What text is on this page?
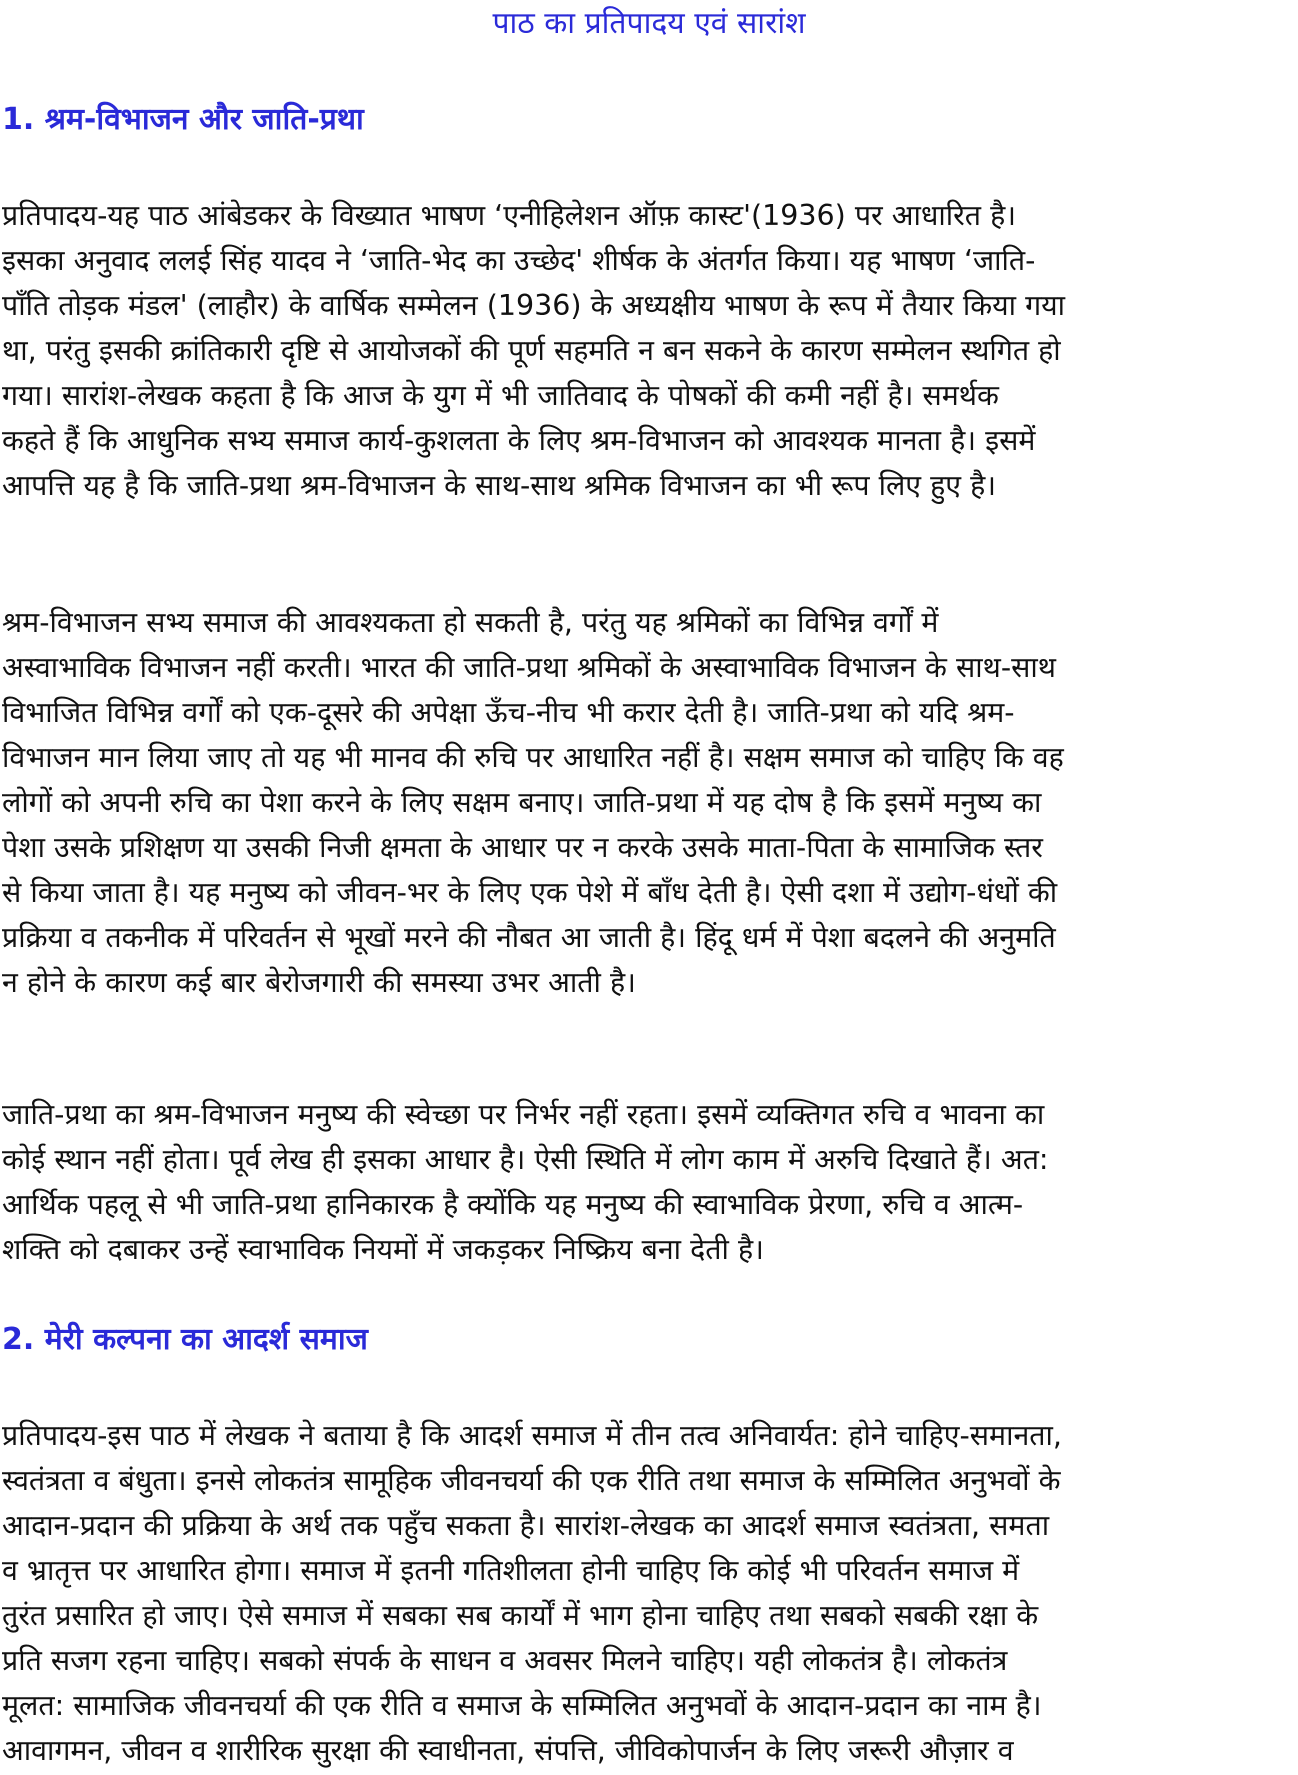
पाठ का प्रतिपादय एवं सारांश
1. श्रम-विभाजन और जाति-प्रथा
प्रतिपादय-यह पाठ आंबेडकर के विख्यात भाषण ‘एनीहिलेशन ऑफ़ कास्ट'(1936) पर आधारित है।
इसका अनुवाद ललई सिंह यादव ने ‘जाति-भेद का उच्छेद' शीर्षक के अंतर्गत किया। यह भाषण ‘जाति-
पाँति तोड़क मंडल' (लाहौर) के वार्षिक सम्मेलन (1936) के अध्यक्षीय भाषण के रूप में तैयार किया गया
था, परंतु इसकी क्रांतिकारी दृष्टि से आयोजकों की पूर्ण सहमति न बन सकने के कारण सम्मेलन स्थगित हो
गया। सारांश-लेखक कहता है कि आज के युग में भी जातिवाद के पोषकों की कमी नहीं है। समर्थक
कहते हैं कि आधुनिक सभ्य समाज कार्य-कुशलता के लिए श्रम-विभाजन को आवश्यक मानता है। इसमें
आपत्ति यह है कि जाति-प्रथा श्रम-विभाजन के साथ-साथ श्रमिक विभाजन का भी रूप लिए हुए है।
श्रम-विभाजन सभ्य समाज की आवश्यकता हो सकती है, परंतु यह श्रमिकों का विभिन्न वर्गों में
अस्वाभाविक विभाजन नहीं करती। भारत की जाति-प्रथा श्रमिकों के अस्वाभाविक विभाजन के साथ-साथ
विभाजित विभिन्न वर्गों को एक-दूसरे की अपेक्षा ऊँच-नीच भी करार देती है। जाति-प्रथा को यदि श्रम-
विभाजन मान लिया जाए तो यह भी मानव की रुचि पर आधारित नहीं है। सक्षम समाज को चाहिए कि वह
लोगों को अपनी रुचि का पेशा करने के लिए सक्षम बनाए। जाति-प्रथा में यह दोष है कि इसमें मनुष्य का
पेशा उसके प्रशिक्षण या उसकी निजी क्षमता के आधार पर न करके उसके माता-पिता के सामाजिक स्तर
से किया जाता है। यह मनुष्य को जीवन-भर के लिए एक पेशे में बाँध देती है। ऐसी दशा में उद्योग-धंधों की
प्रक्रिया व तकनीक में परिवर्तन से भूखों मरने की नौबत आ जाती है। हिंदू धर्म में पेशा बदलने की अनुमति
न होने के कारण कई बार बेरोजगारी की समस्या उभर आती है।
जाति-प्रथा का श्रम-विभाजन मनुष्य की स्वेच्छा पर निर्भर नहीं रहता। इसमें व्यक्तिगत रुचि व भावना का
कोई स्थान नहीं होता। पूर्व लेख ही इसका आधार है। ऐसी स्थिति में लोग काम में अरुचि दिखाते हैं। अत:
आर्थिक पहलू से भी जाति-प्रथा हानिकारक है क्योंकि यह मनुष्य की स्वाभाविक प्रेरणा, रुचि व आत्म-
शक्ति को दबाकर उन्हें स्वाभाविक नियमों में जकड़कर निष्क्रिय बना देती है।
2. मेरी कल्पना का आदर्श समाज
प्रतिपादय-इस पाठ में लेखक ने बताया है कि आदर्श समाज में तीन तत्व अनिवार्यत: होने चाहिए-समानता,
स्वतंत्रता व बंधुता। इनसे लोकतंत्र सामूहिक जीवनचर्या की एक रीति तथा समाज के सम्मिलित अनुभवों के
आदान-प्रदान की प्रक्रिया के अर्थ तक पहुँच सकता है। सारांश-लेखक का आदर्श समाज स्वतंत्रता, समता
व भ्रातृत्त पर आधारित होगा। समाज में इतनी गतिशीलता होनी चाहिए कि कोई भी परिवर्तन समाज में
तुरंत प्रसारित हो जाए। ऐसे समाज में सबका सब कार्यों में भाग होना चाहिए तथा सबको सबकी रक्षा के
प्रति सजग रहना चाहिए। सबको संपर्क के साधन व अवसर मिलने चाहिए। यही लोकतंत्र है। लोकतंत्र
मूलत: सामाजिक जीवनचर्या की एक रीति व समाज के सम्मिलित अनुभवों के आदान-प्रदान का नाम है।
आवागमन, जीवन व शारीरिक सुरक्षा की स्वाधीनता, संपत्ति, जीविकोपार्जन के लिए जरूरी औज़ार व
